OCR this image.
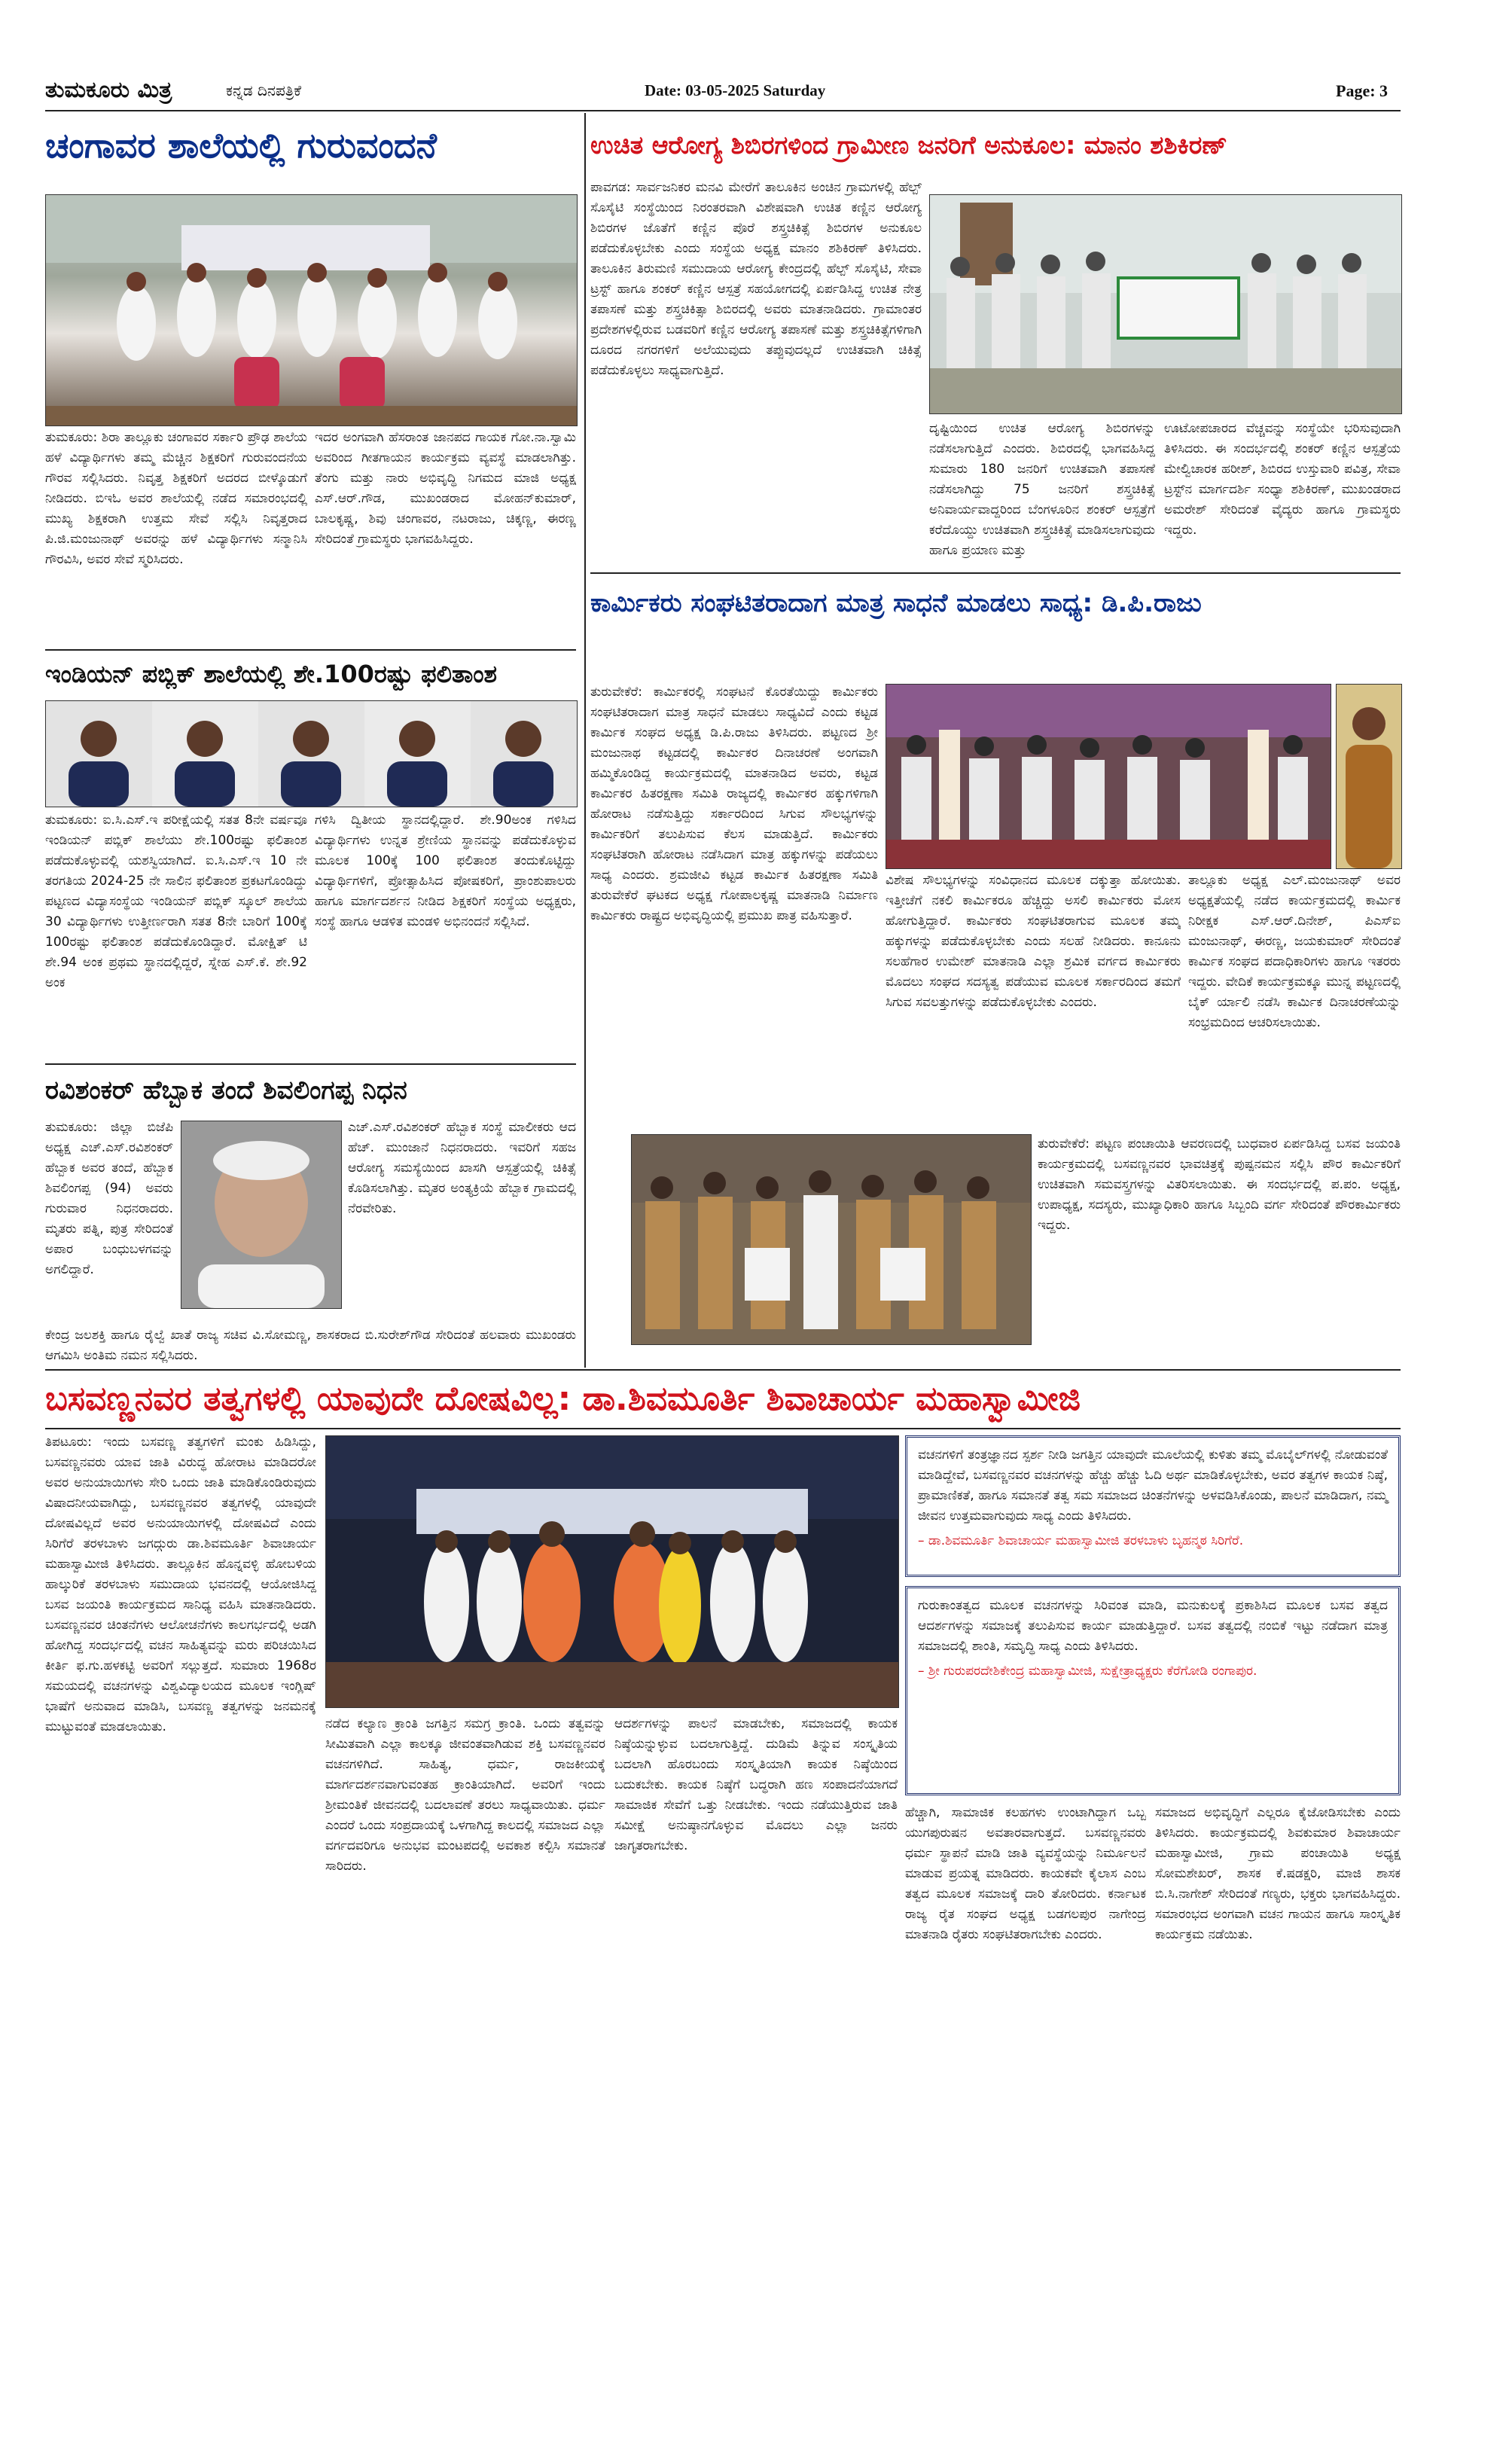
ತುಮಕೂರು ಮಿತ್ರ	ಕನ್ನಡ ದಿನಪತ್ರಿಕೆ	Date: 03-05-2025 Saturday	Page: 3
ಚಂಗಾವರ ಶಾಲೆಯಲ್ಲಿ ಗುರುವಂದನೆ
ತುಮಕೂರು: ಶಿರಾ ತಾಲ್ಲೂಕು ಚಂಗಾವರ ಸರ್ಕಾರಿ ಪ್ರೌಢ ಶಾಲೆಯ ಹಳೆ ವಿದ್ಯಾರ್ಥಿಗಳು ತಮ್ಮ ಮೆಚ್ಚಿನ ಶಿಕ್ಷಕರಿಗೆ ಗುರುವಂದನೆಯ ಗೌರವ ಸಲ್ಲಿಸಿದರು. ನಿವೃತ್ತ ಶಿಕ್ಷಕರಿಗೆ ಅದರದ ಬೀಳ್ಕೊಡುಗೆ ನೀಡಿದರು. ಬಿಇಓ ಅವರ ಶಾಲೆಯಲ್ಲಿ ನಡೆದ ಸಮಾರಂಭದಲ್ಲಿ ಮುಖ್ಯ ಶಿಕ್ಷಕರಾಗಿ ಉತ್ತಮ ಸೇವೆ ಸಲ್ಲಿಸಿ ನಿವೃತ್ತರಾದ ಪಿ.ಜಿ.ಮಂಜುನಾಥ್ ಅವರನ್ನು ಹಳೆ ವಿದ್ಯಾರ್ಥಿಗಳು ಸನ್ಮಾನಿಸಿ ಗೌರವಿಸಿ, ಅವರ ಸೇವೆ ಸ್ಮರಿಸಿದರು.
ಇದರ ಅಂಗವಾಗಿ ಹೆಸರಾಂತ ಜಾನಪದ ಗಾಯಕ ಗೋ.ನಾ.ಸ್ವಾಮಿ ಅವರಿಂದ ಗೀತಗಾಯನ ಕಾರ್ಯಕ್ರಮ ವ್ಯವಸ್ಥೆ ಮಾಡಲಾಗಿತ್ತು. ತೆಂಗು ಮತ್ತು ನಾರು ಅಭಿವೃದ್ಧಿ ನಿಗಮದ ಮಾಜಿ ಅಧ್ಯಕ್ಷ ಎಸ್.ಆರ್.ಗೌಡ, ಮುಖಂಡರಾದ ಮೋಹನ್‌ಕುಮಾರ್, ಬಾಲಕೃಷ್ಣ, ಶಿವು ಚಂಗಾವರ, ನಟರಾಜು, ಚಿಕ್ಕಣ್ಣ, ಈರಣ್ಣ ಸೇರಿದಂತೆ ಗ್ರಾಮಸ್ಥರು ಭಾಗವಹಿಸಿದ್ದರು.
ಇಂಡಿಯನ್ ಪಬ್ಲಿಕ್ ಶಾಲೆಯಲ್ಲಿ ಶೇ.100ರಷ್ಟು ಫಲಿತಾಂಶ
ತುಮಕೂರು: ಐ.ಸಿ.ಎಸ್.ಇ ಪರೀಕ್ಷೆಯಲ್ಲಿ ಸತತ 8ನೇ ವರ್ಷವೂ ಇಂಡಿಯನ್ ಪಬ್ಲಿಕ್ ಶಾಲೆಯು ಶೇ.100ರಷ್ಟು ಫಲಿತಾಂಶ ಪಡೆದುಕೊಳ್ಳುವಲ್ಲಿ ಯಶಸ್ವಿಯಾಗಿದೆ. ಐ.ಸಿ.ಎಸ್.ಇ 10 ನೇ ತರಗತಿಯ 2024-25 ನೇ ಸಾಲಿನ ಫಲಿತಾಂಶ ಪ್ರಕಟಗೊಂಡಿದ್ದು ಪಟ್ಟಣದ ವಿದ್ಯಾಸಂಸ್ಥೆಯ ಇಂಡಿಯನ್ ಪಬ್ಲಿಕ್ ಸ್ಕೂಲ್ ಶಾಲೆಯ 30 ವಿದ್ಯಾರ್ಥಿಗಳು ಉತ್ತೀರ್ಣರಾಗಿ ಸತತ 8ನೇ ಬಾರಿಗೆ 100ಕ್ಕೆ 100ರಷ್ಟು ಫಲಿತಾಂಶ ಪಡೆದುಕೊಂಡಿದ್ದಾರೆ. ಮೋಕ್ಷಿತ್ ಟಿ ಶೇ.94 ಅಂಕ ಪ್ರಥಮ ಸ್ಥಾನದಲ್ಲಿದ್ದರೆ, ಸ್ನೇಹ ಎಸ್.ಕೆ. ಶೇ.92 ಅಂಕ
ಗಳಿಸಿ ದ್ವಿತೀಯ ಸ್ಥಾನದಲ್ಲಿದ್ದಾರೆ. ಶೇ.90ಅಂಕ ಗಳಿಸಿದ ವಿದ್ಯಾರ್ಥಿಗಳು ಉನ್ನತ ಶ್ರೇಣಿಯ ಸ್ಥಾನವನ್ನು ಪಡೆದುಕೊಳ್ಳುವ ಮೂಲಕ 100ಕ್ಕೆ 100 ಫಲಿತಾಂಶ ತಂದುಕೊಟ್ಟಿದ್ದು ವಿದ್ಯಾರ್ಥಿಗಳಿಗೆ, ಪ್ರೋತ್ಸಾಹಿಸಿದ ಪೋಷಕರಿಗೆ, ಪ್ರಾಂಶುಪಾಲರು ಹಾಗೂ ಮಾರ್ಗದರ್ಶನ ನೀಡಿದ ಶಿಕ್ಷಕರಿಗೆ ಸಂಸ್ಥೆಯ ಅಧ್ಯಕ್ಷರು, ಸಂಸ್ಥೆ ಹಾಗೂ ಆಡಳಿತ ಮಂಡಳಿ ಅಭಿನಂದನೆ ಸಲ್ಲಿಸಿದೆ.
ರವಿಶಂಕರ್ ಹೆಬ್ಬಾಕ ತಂದೆ ಶಿವಲಿಂಗಪ್ಪ ನಿಧನ
ತುಮಕೂರು: ಜಿಲ್ಲಾ ಬಿಜೆಪಿ ಅಧ್ಯಕ್ಷ ಎಚ್.ಎಸ್.ರವಿಶಂಕರ್ ಹೆಬ್ಬಾಕ ಅವರ ತಂದೆ, ಹೆಬ್ಬಾಕ ಶಿವಲಿಂಗಪ್ಪ (94) ಅವರು ಗುರುವಾರ ನಿಧನರಾದರು. ಮೃತರು ಪತ್ನಿ, ಪುತ್ರ ಸೇರಿದಂತೆ ಅಪಾರ ಬಂಧುಬಳಗವನ್ನು ಅಗಲಿದ್ದಾರೆ.
ಎಚ್.ಎಸ್.ರವಿಶಂಕರ್ ಹೆಬ್ಬಾಕ ಸಂಸ್ಥೆ ಮಾಲೀಕರು ಆದ ಹೆಚ್. ಮುಂಜಾನೆ ನಿಧನರಾದರು. ಇವರಿಗೆ ಸಹಜ ಆರೋಗ್ಯ ಸಮಸ್ಯೆಯಿಂದ ಖಾಸಗಿ ಆಸ್ಪತ್ರೆಯಲ್ಲಿ ಚಿಕಿತ್ಸೆ ಕೊಡಿಸಲಾಗಿತ್ತು. ಮೃತರ ಅಂತ್ಯಕ್ರಿಯೆ ಹೆಬ್ಬಾಕ ಗ್ರಾಮದಲ್ಲಿ ನೆರವೇರಿತು.
ಕೇಂದ್ರ ಜಲಶಕ್ತಿ ಹಾಗೂ ರೈಲ್ವೆ ಖಾತೆ ರಾಜ್ಯ ಸಚಿವ ವಿ.ಸೋಮಣ್ಣ, ಶಾಸಕರಾದ ಬಿ.ಸುರೇಶ್‌ಗೌಡ ಸೇರಿದಂತೆ ಹಲವಾರು ಮುಖಂಡರು ಆಗಮಿಸಿ ಅಂತಿಮ ನಮನ ಸಲ್ಲಿಸಿದರು.
ಉಚಿತ ಆರೋಗ್ಯ ಶಿಬಿರಗಳಿಂದ ಗ್ರಾಮೀಣ ಜನರಿಗೆ ಅನುಕೂಲ: ಮಾನಂ ಶಶಿಕಿರಣ್
ಪಾವಗಡ: ಸಾರ್ವಜನಿಕರ ಮನವಿ ಮೇರೆಗೆ ತಾಲೂಕಿನ ಅಂಚಿನ ಗ್ರಾಮಗಳಲ್ಲಿ ಹೆಲ್ಪ್ ಸೊಸೈಟಿ ಸಂಸ್ಥೆಯಿಂದ ನಿರಂತರವಾಗಿ ವಿಶೇಷವಾಗಿ ಉಚಿತ ಕಣ್ಣಿನ ಆರೋಗ್ಯ ಶಿಬಿರಗಳ ಜೊತೆಗೆ ಕಣ್ಣಿನ ಪೊರೆ ಶಸ್ತ್ರಚಿಕಿತ್ಸೆ ಶಿಬಿರಗಳ ಅನುಕೂಲ ಪಡೆದುಕೊಳ್ಳಬೇಕು ಎಂದು ಸಂಸ್ಥೆಯ ಅಧ್ಯಕ್ಷ ಮಾನಂ ಶಶಿಕಿರಣ್ ತಿಳಿಸಿದರು. ತಾಲೂಕಿನ ತಿರುಮಣಿ ಸಮುದಾಯ ಆರೋಗ್ಯ ಕೇಂದ್ರದಲ್ಲಿ ಹೆಲ್ಪ್ ಸೊಸೈಟಿ, ಸೇವಾ ಟ್ರಸ್ಟ್ ಹಾಗೂ ಶಂಕರ್ ಕಣ್ಣಿನ ಆಸ್ಪತ್ರೆ ಸಹಯೋಗದಲ್ಲಿ ಏರ್ಪಡಿಸಿದ್ದ ಉಚಿತ ನೇತ್ರ ತಪಾಸಣೆ ಮತ್ತು ಶಸ್ತ್ರಚಿಕಿತ್ಸಾ ಶಿಬಿರದಲ್ಲಿ ಅವರು ಮಾತನಾಡಿದರು. ಗ್ರಾಮಾಂತರ ಪ್ರದೇಶಗಳಲ್ಲಿರುವ ಬಡವರಿಗೆ ಕಣ್ಣಿನ ಆರೋಗ್ಯ ತಪಾಸಣೆ ಮತ್ತು ಶಸ್ತ್ರಚಿಕಿತ್ಸೆಗಳಿಗಾಗಿ ದೂರದ ನಗರಗಳಿಗೆ ಅಲೆಯುವುದು ತಪ್ಪುವುದಲ್ಲದೆ ಉಚಿತವಾಗಿ ಚಿಕಿತ್ಸೆ ಪಡೆದುಕೊಳ್ಳಲು ಸಾಧ್ಯವಾಗುತ್ತಿದೆ.
ದೃಷ್ಟಿಯಿಂದ ಉಚಿತ ಆರೋಗ್ಯ ಶಿಬಿರಗಳನ್ನು ನಡೆಸಲಾಗುತ್ತಿದೆ ಎಂದರು. ಶಿಬಿರದಲ್ಲಿ ಭಾಗವಹಿಸಿದ್ದ ಸುಮಾರು 180 ಜನರಿಗೆ ಉಚಿತವಾಗಿ ತಪಾಸಣೆ ನಡೆಸಲಾಗಿದ್ದು 75 ಜನರಿಗೆ ಶಸ್ತ್ರಚಿಕಿತ್ಸೆ ಅನಿವಾರ್ಯವಾದ್ದರಿಂದ ಬೆಂಗಳೂರಿನ ಶಂಕರ್ ಆಸ್ಪತ್ರೆಗೆ ಕರೆದೊಯ್ದು ಉಚಿತವಾಗಿ ಶಸ್ತ್ರಚಿಕಿತ್ಸೆ ಮಾಡಿಸಲಾಗುವುದು ಹಾಗೂ ಪ್ರಯಾಣ ಮತ್ತು
ಊಟೋಪಚಾರದ ವೆಚ್ಚವನ್ನು ಸಂಸ್ಥೆಯೇ ಭರಿಸುವುದಾಗಿ ತಿಳಿಸಿದರು. ಈ ಸಂದರ್ಭದಲ್ಲಿ ಶಂಕರ್ ಕಣ್ಣಿನ ಆಸ್ಪತ್ರೆಯ ಮೇಲ್ವಿಚಾರಕ ಹರೀಶ್, ಶಿಬಿರದ ಉಸ್ತುವಾರಿ ಪವಿತ್ರ, ಸೇವಾ ಟ್ರಸ್ಟ್‌ನ ಮಾರ್ಗದರ್ಶಿ ಸಂಧ್ಯಾ ಶಶಿಕಿರಣ್, ಮುಖಂಡರಾದ ಅಮರೇಶ್ ಸೇರಿದಂತೆ ವೈದ್ಯರು ಹಾಗೂ ಗ್ರಾಮಸ್ಥರು ಇದ್ದರು.
ಕಾರ್ಮಿಕರು ಸಂಘಟಿತರಾದಾಗ ಮಾತ್ರ ಸಾಧನೆ ಮಾಡಲು ಸಾಧ್ಯ: ಡಿ.ಪಿ.ರಾಜು
ತುರುವೇಕೆರೆ: ಕಾರ್ಮಿಕರಲ್ಲಿ ಸಂಘಟನೆ ಕೊರತೆಯಿದ್ದು ಕಾರ್ಮಿಕರು ಸಂಘಟಿತರಾದಾಗ ಮಾತ್ರ ಸಾಧನೆ ಮಾಡಲು ಸಾಧ್ಯವಿದೆ ಎಂದು ಕಟ್ಟಡ ಕಾರ್ಮಿಕ ಸಂಘದ ಅಧ್ಯಕ್ಷ ಡಿ.ಪಿ.ರಾಜು ತಿಳಿಸಿದರು. ಪಟ್ಟಣದ ಶ್ರೀ ಮಂಜುನಾಥ ಕಟ್ಟಡದಲ್ಲಿ ಕಾರ್ಮಿಕರ ದಿನಾಚರಣೆ ಅಂಗವಾಗಿ ಹಮ್ಮಿಕೊಂಡಿದ್ದ ಕಾರ್ಯಕ್ರಮದಲ್ಲಿ ಮಾತನಾಡಿದ ಅವರು, ಕಟ್ಟಡ ಕಾರ್ಮಿಕರ ಹಿತರಕ್ಷಣಾ ಸಮಿತಿ ರಾಜ್ಯದಲ್ಲಿ ಕಾರ್ಮಿಕರ ಹಕ್ಕುಗಳಿಗಾಗಿ ಹೋರಾಟ ನಡೆಸುತ್ತಿದ್ದು ಸರ್ಕಾರದಿಂದ ಸಿಗುವ ಸೌಲಭ್ಯಗಳನ್ನು ಕಾರ್ಮಿಕರಿಗೆ ತಲುಪಿಸುವ ಕೆಲಸ ಮಾಡುತ್ತಿದೆ. ಕಾರ್ಮಿಕರು ಸಂಘಟಿತರಾಗಿ ಹೋರಾಟ ನಡೆಸಿದಾಗ ಮಾತ್ರ ಹಕ್ಕುಗಳನ್ನು ಪಡೆಯಲು ಸಾಧ್ಯ ಎಂದರು. ಶ್ರಮಜೀವಿ ಕಟ್ಟಡ ಕಾರ್ಮಿಕ ಹಿತರಕ್ಷಣಾ ಸಮಿತಿ ತುರುವೇಕೆರೆ ಘಟಕದ ಅಧ್ಯಕ್ಷ ಗೋಪಾಲಕೃಷ್ಣ ಮಾತನಾಡಿ ನಿರ್ಮಾಣ ಕಾರ್ಮಿಕರು ರಾಷ್ಟ್ರದ ಅಭಿವೃದ್ಧಿಯಲ್ಲಿ ಪ್ರಮುಖ ಪಾತ್ರ ವಹಿಸುತ್ತಾರೆ.
ವಿಶೇಷ ಸೌಲಭ್ಯಗಳನ್ನು ಸಂವಿಧಾನದ ಮೂಲಕ ದಕ್ಕುತ್ತಾ ಹೋಯಿತು. ಇತ್ತೀಚೆಗೆ ನಕಲಿ ಕಾರ್ಮಿಕರೂ ಹೆಚ್ಚಿದ್ದು ಅಸಲಿ ಕಾರ್ಮಿಕರು ಮೋಸ ಹೋಗುತ್ತಿದ್ದಾರೆ. ಕಾರ್ಮಿಕರು ಸಂಘಟಿತರಾಗುವ ಮೂಲಕ ತಮ್ಮ ಹಕ್ಕುಗಳನ್ನು ಪಡೆದುಕೊಳ್ಳಬೇಕು ಎಂದು ಸಲಹೆ ನೀಡಿದರು. ಕಾನೂನು ಸಲಹೆಗಾರ ಉಮೇಶ್ ಮಾತನಾಡಿ ಎಲ್ಲಾ ಶ್ರಮಿಕ ವರ್ಗದ ಕಾರ್ಮಿಕರು ಮೊದಲು ಸಂಘದ ಸದಸ್ಯತ್ವ ಪಡೆಯುವ ಮೂಲಕ ಸರ್ಕಾರದಿಂದ ತಮಗೆ ಸಿಗುವ ಸವಲತ್ತುಗಳನ್ನು ಪಡೆದುಕೊಳ್ಳಬೇಕು ಎಂದರು.
ತಾಲ್ಲೂಕು ಅಧ್ಯಕ್ಷ ಎಲ್.ಮಂಜುನಾಥ್ ಅವರ ಅಧ್ಯಕ್ಷತೆಯಲ್ಲಿ ನಡೆದ ಕಾರ್ಯಕ್ರಮದಲ್ಲಿ ಕಾರ್ಮಿಕ ನಿರೀಕ್ಷಕ ಎಸ್.ಆರ್.ದಿನೇಶ್, ಪಿಎಸ್‌ಐ ಮಂಜುನಾಥ್, ಈರಣ್ಣ, ಜಯಕುಮಾರ್ ಸೇರಿದಂತೆ ಕಾರ್ಮಿಕ ಸಂಘದ ಪದಾಧಿಕಾರಿಗಳು ಹಾಗೂ ಇತರರು ಇದ್ದರು. ವೇದಿಕೆ ಕಾರ್ಯಕ್ರಮಕ್ಕೂ ಮುನ್ನ ಪಟ್ಟಣದಲ್ಲಿ ಬೈಕ್ ರ್ಯಾಲಿ ನಡೆಸಿ ಕಾರ್ಮಿಕ ದಿನಾಚರಣೆಯನ್ನು ಸಂಭ್ರಮದಿಂದ ಆಚರಿಸಲಾಯಿತು.
ತುರುವೇಕೆರೆ: ಪಟ್ಟಣ ಪಂಚಾಯಿತಿ ಆವರಣದಲ್ಲಿ ಬುಧವಾರ ಏರ್ಪಡಿಸಿದ್ದ ಬಸವ ಜಯಂತಿ ಕಾರ್ಯಕ್ರಮದಲ್ಲಿ ಬಸವಣ್ಣನವರ ಭಾವಚಿತ್ರಕ್ಕೆ ಪುಷ್ಪನಮನ ಸಲ್ಲಿಸಿ ಪೌರ ಕಾರ್ಮಿಕರಿಗೆ ಉಚಿತವಾಗಿ ಸಮವಸ್ತ್ರಗಳನ್ನು ವಿತರಿಸಲಾಯಿತು. ಈ ಸಂದರ್ಭದಲ್ಲಿ ಪ.ಪಂ. ಅಧ್ಯಕ್ಷ, ಉಪಾಧ್ಯಕ್ಷ, ಸದಸ್ಯರು, ಮುಖ್ಯಾಧಿಕಾರಿ ಹಾಗೂ ಸಿಬ್ಬಂದಿ ವರ್ಗ ಸೇರಿದಂತೆ ಪೌರಕಾರ್ಮಿಕರು ಇದ್ದರು.
ಬಸವಣ್ಣನವರ ತತ್ವಗಳಲ್ಲಿ ಯಾವುದೇ ದೋಷವಿಲ್ಲ: ಡಾ.ಶಿವಮೂರ್ತಿ ಶಿವಾಚಾರ್ಯ ಮಹಾಸ್ವಾಮೀಜಿ
ತಿಪಟೂರು: ಇಂದು ಬಸವಣ್ಣ ತತ್ವಗಳಿಗೆ ಮಂಕು ಹಿಡಿಸಿದ್ದು, ಬಸವಣ್ಣನವರು ಯಾವ ಜಾತಿ ವಿರುದ್ಧ ಹೋರಾಟ ಮಾಡಿದರೋ ಅವರ ಅನುಯಾಯಿಗಳು ಸೇರಿ ಒಂದು ಜಾತಿ ಮಾಡಿಕೊಂಡಿರುವುದು ವಿಷಾದನೀಯವಾಗಿದ್ದು, ಬಸವಣ್ಣನವರ ತತ್ವಗಳಲ್ಲಿ ಯಾವುದೇ ದೋಷವಿಲ್ಲದೆ ಅವರ ಅನುಯಾಯಿಗಳಲ್ಲಿ ದೋಷವಿದೆ ಎಂದು ಸಿರಿಗೆರೆ ತರಳಬಾಳು ಜಗದ್ಗುರು ಡಾ.ಶಿವಮೂರ್ತಿ ಶಿವಾಚಾರ್ಯ ಮಹಾಸ್ವಾಮೀಜಿ ತಿಳಿಸಿದರು. ತಾಲ್ಲೂಕಿನ ಹೊನ್ನವಳ್ಳಿ ಹೋಬಳಿಯ ಹಾಲ್ಕುರಿಕೆ ತರಳಬಾಳು ಸಮುದಾಯ ಭವನದಲ್ಲಿ ಆಯೋಜಿಸಿದ್ದ ಬಸವ ಜಯಂತಿ ಕಾರ್ಯಕ್ರಮದ ಸಾನಿಧ್ಯ ವಹಿಸಿ ಮಾತನಾಡಿದರು. ಬಸವಣ್ಣನವರ ಚಿಂತನೆಗಳು ಆಲೋಚನೆಗಳು ಕಾಲಗರ್ಭದಲ್ಲಿ ಅಡಗಿ ಹೋಗಿದ್ದ ಸಂದರ್ಭದಲ್ಲಿ ವಚನ ಸಾಹಿತ್ಯವನ್ನು ಮರು ಪರಿಚಯಿಸಿದ ಕೀರ್ತಿ ಫ.ಗು.ಹಳಕಟ್ಟಿ ಅವರಿಗೆ ಸಲ್ಲುತ್ತದೆ. ಸುಮಾರು 1968ರ ಸಮಯದಲ್ಲಿ ವಚನಗಳನ್ನು ವಿಶ್ವವಿದ್ಯಾಲಯದ ಮೂಲಕ ಇಂಗ್ಲಿಷ್ ಭಾಷೆಗೆ ಅನುವಾದ ಮಾಡಿಸಿ, ಬಸವಣ್ಣ ತತ್ವಗಳನ್ನು ಜನಮನಕ್ಕೆ ಮುಟ್ಟುವಂತೆ ಮಾಡಲಾಯಿತು.
ವಚನಗಳಿಗೆ ತಂತ್ರಜ್ಞಾನದ ಸ್ಪರ್ಶ ನೀಡಿ ಜಗತ್ತಿನ ಯಾವುದೇ ಮೂಲೆಯಲ್ಲಿ ಕುಳಿತು ತಮ್ಮ ಮೊಬೈಲ್‌ಗಳಲ್ಲಿ ನೋಡುವಂತೆ ಮಾಡಿದ್ದೇವೆ, ಬಸವಣ್ಣನವರ ವಚನಗಳನ್ನು ಹೆಚ್ಚು ಹೆಚ್ಚು ಓದಿ ಅರ್ಥ ಮಾಡಿಕೊಳ್ಳಬೇಕು, ಅವರ ತತ್ವಗಳ ಕಾಯಕ ನಿಷ್ಠೆ, ಪ್ರಾಮಾಣಿಕತೆ, ಹಾಗೂ ಸಮಾನತೆ ತತ್ವ ಸಮ ಸಮಾಜದ ಚಿಂತನೆಗಳನ್ನು ಅಳವಡಿಸಿಕೊಂಡು, ಪಾಲನೆ ಮಾಡಿದಾಗ, ನಮ್ಮ ಜೀವನ ಉತ್ತಮವಾಗುವುದು ಸಾಧ್ಯ ಎಂದು ತಿಳಿಸಿದರು.
– ಡಾ.ಶಿವಮೂರ್ತಿ ಶಿವಾಚಾರ್ಯ ಮಹಾಸ್ವಾಮೀಜಿ ತರಳಬಾಳು ಬೃಹನ್ಮಠ ಸಿರಿಗೆರೆ.
ಗುರುಕಾಂತತ್ವದ ಮೂಲಕ ವಚನಗಳನ್ನು ಸಿರಿವಂತ ಮಾಡಿ, ಮನುಕುಲಕ್ಕೆ ಪ್ರಕಾಶಿಸಿದ ಮೂಲಕ ಬಸವ ತತ್ವದ ಆದರ್ಶಗಳನ್ನು ಸಮಾಜಕ್ಕೆ ತಲುಪಿಸುವ ಕಾರ್ಯ ಮಾಡುತ್ತಿದ್ದಾರೆ. ಬಸವ ತತ್ವದಲ್ಲಿ ನಂಬಿಕೆ ಇಟ್ಟು ನಡೆದಾಗ ಮಾತ್ರ ಸಮಾಜದಲ್ಲಿ ಶಾಂತಿ, ಸಮೃದ್ಧಿ ಸಾಧ್ಯ ಎಂದು ತಿಳಿಸಿದರು.
– ಶ್ರೀ ಗುರುಪರದೇಶಿಕೇಂದ್ರ ಮಹಾಸ್ವಾಮೀಜಿ, ಸುಕ್ಷೇತ್ರಾಧ್ಯಕ್ಷರು ಕೆರೆಗೋಡಿ ರಂಗಾಪುರ.
ನಡೆದ ಕಲ್ಯಾಣ ಕ್ರಾಂತಿ ಜಗತ್ತಿನ ಸಮಗ್ರ ಕ್ರಾಂತಿ. ಒಂದು ತತ್ವವನ್ನು ಸೀಮಿತವಾಗಿ ಎಲ್ಲಾ ಕಾಲಕ್ಕೂ ಜೀವಂತವಾಗಿಡುವ ಶಕ್ತಿ ಬಸವಣ್ಣನವರ ವಚನಗಳಿಗಿದೆ. ಸಾಹಿತ್ಯ, ಧರ್ಮ, ರಾಜಕೀಯಕ್ಕೆ ಮಾರ್ಗದರ್ಶನವಾಗುವಂತಹ ಕ್ರಾಂತಿಯಾಗಿದೆ. ಅವರಿಗೆ ಇಂದು ಶ್ರೀಮಂತಿಕೆ ಜೀವನದಲ್ಲಿ ಬದಲಾವಣೆ ತರಲು ಸಾಧ್ಯವಾಯಿತು. ಧರ್ಮ ಎಂದರೆ ಒಂದು ಸಂಪ್ರದಾಯಕ್ಕೆ ಒಳಗಾಗಿದ್ದ ಕಾಲದಲ್ಲಿ ಸಮಾಜದ ಎಲ್ಲಾ ವರ್ಗದವರಿಗೂ ಅನುಭವ ಮಂಟಪದಲ್ಲಿ ಅವಕಾಶ ಕಲ್ಪಿಸಿ ಸಮಾನತೆ ಸಾರಿದರು.
ಆದರ್ಶಗಳನ್ನು ಪಾಲನೆ ಮಾಡಬೇಕು, ಸಮಾಜದಲ್ಲಿ ಕಾಯಕ ನಿಷ್ಠೆಯನ್ನುಳ್ಳುವ ಬದಲಾಗುತ್ತಿದ್ದೆ. ದುಡಿಮೆ ತಿನ್ನುವ ಸಂಸ್ಕೃತಿಯ ಬದಲಾಗಿ ಹೊರಬಂದು ಸಂಸ್ಕೃತಿಯಾಗಿ ಕಾಯಕ ನಿಷ್ಠೆಯಿಂದ ಬದುಕಬೇಕು. ಕಾಯಕ ನಿಷ್ಠೆಗೆ ಬದ್ಧರಾಗಿ ಹಣ ಸಂಪಾದನೆಯಾಗದೆ ಸಾಮಾಜಿಕ ಸೇವೆಗೆ ಒತ್ತು ನೀಡಬೇಕು. ಇಂದು ನಡೆಯುತ್ತಿರುವ ಜಾತಿ ಸಮೀಕ್ಷೆ ಅನುಷ್ಠಾನಗೊಳ್ಳುವ ಮೊದಲು ಎಲ್ಲಾ ಜನರು ಜಾಗೃತರಾಗಬೇಕು.
ಹೆಚ್ಚಾಗಿ, ಸಾಮಾಜಿಕ ಕಲಹಗಳು ಉಂಟಾಗಿದ್ದಾಗ ಒಬ್ಬ ಯುಗಪುರುಷನ ಅವತಾರವಾಗುತ್ತದೆ. ಬಸವಣ್ಣನವರು ಧರ್ಮ ಸ್ಥಾಪನೆ ಮಾಡಿ ಜಾತಿ ವ್ಯವಸ್ಥೆಯನ್ನು ನಿರ್ಮೂಲನೆ ಮಾಡುವ ಪ್ರಯತ್ನ ಮಾಡಿದರು. ಕಾಯಕವೇ ಕೈಲಾಸ ಎಂಬ ತತ್ವದ ಮೂಲಕ ಸಮಾಜಕ್ಕೆ ದಾರಿ ತೋರಿದರು. ಕರ್ನಾಟಕ ರಾಜ್ಯ ರೈತ ಸಂಘದ ಅಧ್ಯಕ್ಷ ಬಡಗಲಪುರ ನಾಗೇಂದ್ರ ಮಾತನಾಡಿ ರೈತರು ಸಂಘಟಿತರಾಗಬೇಕು ಎಂದರು.
ಸಮಾಜದ ಅಭಿವೃದ್ಧಿಗೆ ಎಲ್ಲರೂ ಕೈಜೋಡಿಸಬೇಕು ಎಂದು ತಿಳಿಸಿದರು. ಕಾರ್ಯಕ್ರಮದಲ್ಲಿ ಶಿವಕುಮಾರ ಶಿವಾಚಾರ್ಯ ಮಹಾಸ್ವಾಮೀಜಿ, ಗ್ರಾಮ ಪಂಚಾಯಿತಿ ಅಧ್ಯಕ್ಷ ಸೋಮಶೇಖರ್, ಶಾಸಕ ಕೆ.ಷಡಕ್ಷರಿ, ಮಾಜಿ ಶಾಸಕ ಬಿ.ಸಿ.ನಾಗೇಶ್ ಸೇರಿದಂತೆ ಗಣ್ಯರು, ಭಕ್ತರು ಭಾಗವಹಿಸಿದ್ದರು. ಸಮಾರಂಭದ ಅಂಗವಾಗಿ ವಚನ ಗಾಯನ ಹಾಗೂ ಸಾಂಸ್ಕೃತಿಕ ಕಾರ್ಯಕ್ರಮ ನಡೆಯಿತು.
